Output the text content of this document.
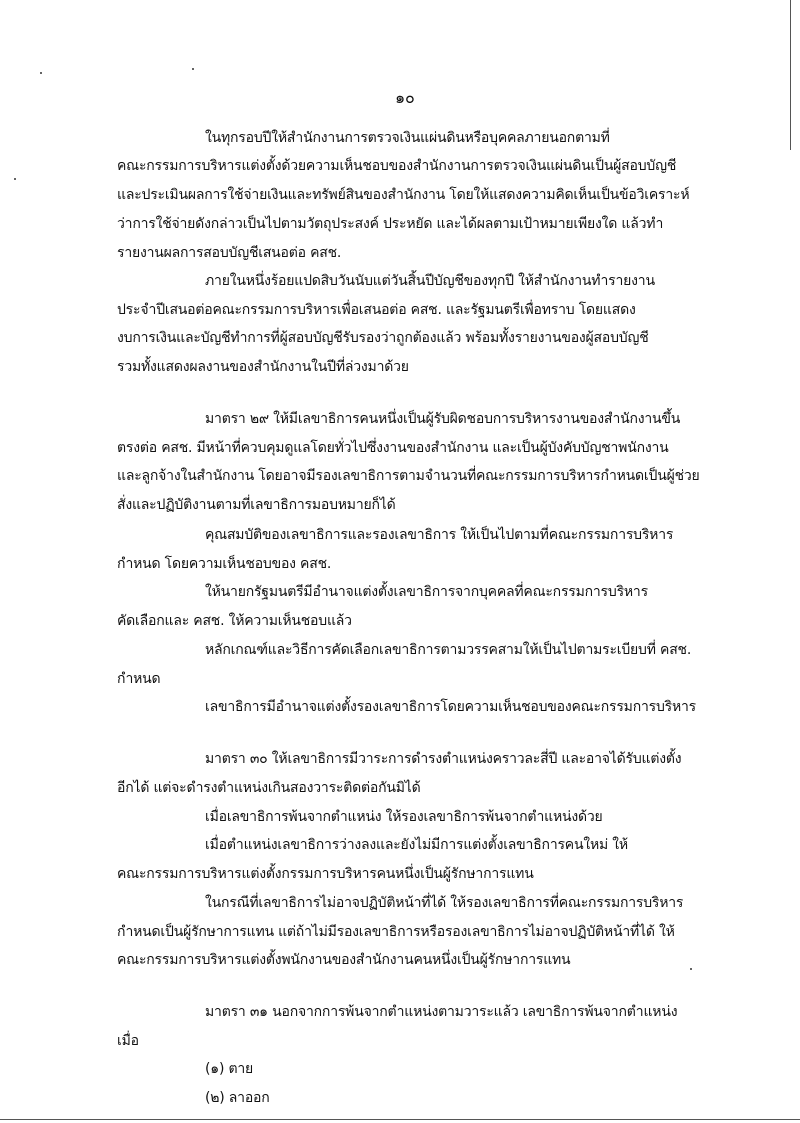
๑๐
ในทุกรอบปีให้สำนักงานการตรวจเงินแผ่นดินหรือบุคคลภายนอกตามที่
คณะกรรมการบริหารแต่งตั้งด้วยความเห็นชอบของสำนักงานการตรวจเงินแผ่นดินเป็นผู้สอบบัญชี
และประเมินผลการใช้จ่ายเงินและทรัพย์สินของสำนักงาน โดยให้แสดงความคิดเห็นเป็นข้อวิเคราะห์
ว่าการใช้จ่ายดังกล่าวเป็นไปตามวัตถุประสงค์ ประหยัด และได้ผลตามเป้าหมายเพียงใด แล้วทำ
รายงานผลการสอบบัญชีเสนอต่อ คสช.
ภายในหนึ่งร้อยแปดสิบวันนับแต่วันสิ้นปีบัญชีของทุกปี ให้สำนักงานทำรายงาน
ประจำปีเสนอต่อคณะกรรมการบริหารเพื่อเสนอต่อ คสช. และรัฐมนตรีเพื่อทราบ โดยแสดง
งบการเงินและบัญชีทำการที่ผู้สอบบัญชีรับรองว่าถูกต้องแล้ว พร้อมทั้งรายงานของผู้สอบบัญชี
รวมทั้งแสดงผลงานของสำนักงานในปีที่ล่วงมาด้วย
มาตรา ๒๙ ให้มีเลขาธิการคนหนึ่งเป็นผู้รับผิดชอบการบริหารงานของสำนักงานขึ้น
ตรงต่อ คสช. มีหน้าที่ควบคุมดูแลโดยทั่วไปซึ่งงานของสำนักงาน และเป็นผู้บังคับบัญชาพนักงาน
และลูกจ้างในสำนักงาน โดยอาจมีรองเลขาธิการตามจำนวนที่คณะกรรมการบริหารกำหนดเป็นผู้ช่วย
สั่งและปฏิบัติงานตามที่เลขาธิการมอบหมายก็ได้
คุณสมบัติของเลขาธิการและรองเลขาธิการ ให้เป็นไปตามที่คณะกรรมการบริหาร
กำหนด โดยความเห็นชอบของ คสช.
ให้นายกรัฐมนตรีมีอำนาจแต่งตั้งเลขาธิการจากบุคคลที่คณะกรรมการบริหาร
คัดเลือกและ คสช. ให้ความเห็นชอบแล้ว
หลักเกณฑ์และวิธีการคัดเลือกเลขาธิการตามวรรคสามให้เป็นไปตามระเบียบที่ คสช.
กำหนด
เลขาธิการมีอำนาจแต่งตั้งรองเลขาธิการโดยความเห็นชอบของคณะกรรมการบริหาร
มาตรา ๓๐ ให้เลขาธิการมีวาระการดำรงตำแหน่งคราวละสี่ปี และอาจได้รับแต่งตั้ง
อีกได้ แต่จะดำรงตำแหน่งเกินสองวาระติดต่อกันมิได้
เมื่อเลขาธิการพ้นจากตำแหน่ง ให้รองเลขาธิการพ้นจากตำแหน่งด้วย
เมื่อตำแหน่งเลขาธิการว่างลงและยังไม่มีการแต่งตั้งเลขาธิการคนใหม่ ให้
คณะกรรมการบริหารแต่งตั้งกรรมการบริหารคนหนึ่งเป็นผู้รักษาการแทน
ในกรณีที่เลขาธิการไม่อาจปฏิบัติหน้าที่ได้ ให้รองเลขาธิการที่คณะกรรมการบริหาร
กำหนดเป็นผู้รักษาการแทน แต่ถ้าไม่มีรองเลขาธิการหรือรองเลขาธิการไม่อาจปฏิบัติหน้าที่ได้ ให้
คณะกรรมการบริหารแต่งตั้งพนักงานของสำนักงานคนหนึ่งเป็นผู้รักษาการแทน
มาตรา ๓๑ นอกจากการพ้นจากตำแหน่งตามวาระแล้ว เลขาธิการพ้นจากตำแหน่ง
เมื่อ
(๑) ตาย
(๒) ลาออก
